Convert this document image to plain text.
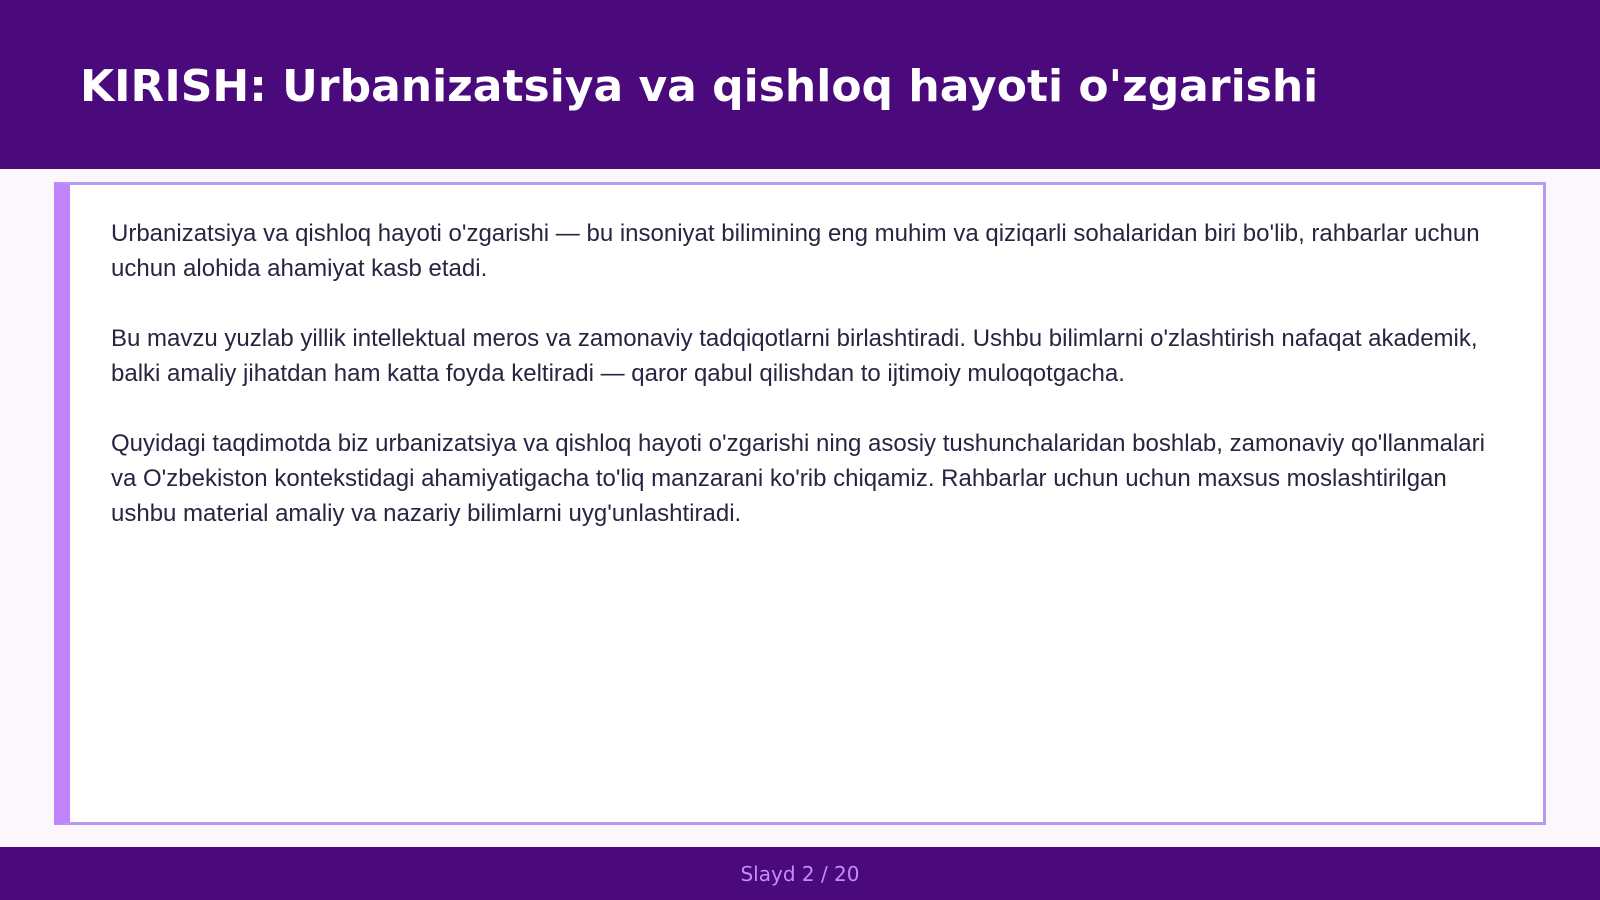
KIRISH: Urbanizatsiya va qishloq hayoti o'zgarishi

Urbanizatsiya va qishloq hayoti o'zgarishi — bu insoniyat bilimining eng muhim va qiziqarli sohalaridan biri bo'lib, rahbarlar uchun uchun alohida ahamiyat kasb etadi.

Bu mavzu yuzlab yillik intellektual meros va zamonaviy tadqiqotlarni birlashtiradi. Ushbu bilimlarni o'zlashtirish nafaqat akademik, balki amaliy jihatdan ham katta foyda keltiradi — qaror qabul qilishdan to ijtimoiy muloqotgacha.

Quyidagi taqdimotda biz urbanizatsiya va qishloq hayoti o'zgarishi ning asosiy tushunchalaridan boshlab, zamonaviy qo'llanmalari va O'zbekiston kontekstidagi ahamiyatigacha to'liq manzarani ko'rib chiqamiz. Rahbarlar uchun uchun maxsus moslashtirilgan ushbu material amaliy va nazariy bilimlarni uyg'unlashtiradi.

Slayd 2 / 20
